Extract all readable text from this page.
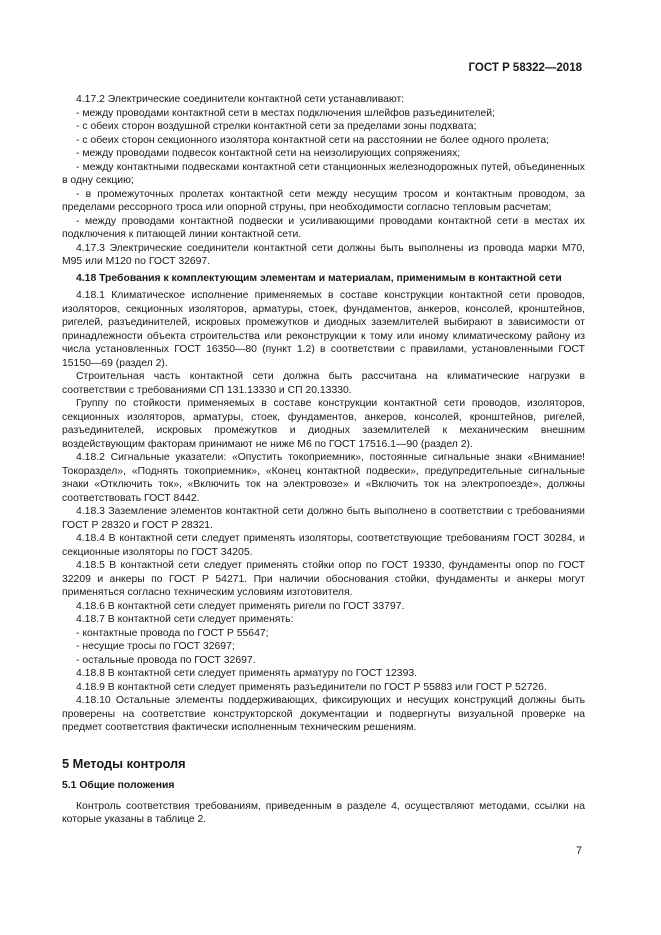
ГОСТ Р 58322—2018

4.17.2 Электрические соединители контактной сети устанавливают:

- между проводами контактной сети в местах подключения шлейфов разъединителей;

- с обеих сторон воздушной стрелки контактной сети за пределами зоны подхвата;

- с обеих сторон секционного изолятора контактной сети на расстоянии не более одного пролета;

- между проводами подвесок контактной сети на неизолирующих сопряжениях;

- между контактными подвесками контактной сети станционных железнодорожных путей, объединенных в одну секцию;

- в промежуточных пролетах контактной сети между несущим тросом и контактным проводом, за пределами рессорного троса или опорной струны, при необходимости согласно тепловым расчетам;

- между проводами контактной подвески и усиливающими проводами контактной сети в местах их подключения к питающей линии контактной сети.

4.17.3 Электрические соединители контактной сети должны быть выполнены из провода марки М70, М95 или М120 по ГОСТ 32697.

4.18 Требования к комплектующим элементам и материалам, применимым в контактной сети

4.18.1 Климатическое исполнение применяемых в составе конструкции контактной сети проводов, изоляторов, секционных изоляторов, арматуры, стоек, фундаментов, анкеров, консолей, кронштейнов, ригелей, разъединителей, искровых промежутков и диодных заземлителей выбирают в зависимости от принадлежности объекта строительства или реконструкции к тому или иному климатическому району из числа установленных ГОСТ 16350—80 (пункт 1.2) в соответствии с правилами, установленными ГОСТ 15150—69 (раздел 2).

Строительная часть контактной сети должна быть рассчитана на климатические нагрузки в соответствии с требованиями СП 131.13330 и СП 20.13330.

Группу по стойкости применяемых в составе конструкции контактной сети проводов, изоляторов, секционных изоляторов, арматуры, стоек, фундаментов, анкеров, консолей, кронштейнов, ригелей, разъединителей, искровых промежутков и диодных заземлителей к механическим внешним воздействующим факторам принимают не ниже М6 по ГОСТ 17516.1—90 (раздел 2).

4.18.2 Сигнальные указатели: «Опустить токоприемник», постоянные сигнальные знаки «Внимание! Токораздел», «Поднять токоприемник», «Конец контактной подвески», предупредительные сигнальные знаки «Отключить ток», «Включить ток на электровозе» и «Включить ток на электропоезде», должны соответствовать ГОСТ 8442.

4.18.3 Заземление элементов контактной сети должно быть выполнено в соответствии с требованиями ГОСТ Р 28320 и ГОСТ Р 28321.

4.18.4 В контактной сети следует применять изоляторы, соответствующие требованиям ГОСТ 30284, и секционные изоляторы по ГОСТ 34205.

4.18.5 В контактной сети следует применять стойки опор по ГОСТ 19330, фундаменты опор по ГОСТ 32209 и анкеры по ГОСТ Р 54271. При наличии обоснования стойки, фундаменты и анкеры могут применяться согласно техническим условиям изготовителя.

4.18.6 В контактной сети следует применять ригели по ГОСТ 33797.

4.18.7 В контактной сети следует применять:

- контактные провода по ГОСТ Р 55647;

- несущие тросы по ГОСТ 32697;

- остальные провода по ГОСТ 32697.

4.18.8 В контактной сети следует применять арматуру по ГОСТ 12393.

4.18.9 В контактной сети следует применять разъединители по ГОСТ Р 55883 или ГОСТ Р 52726.

4.18.10 Остальные элементы поддерживающих, фиксирующих и несущих конструкций должны быть проверены на соответствие конструкторской документации и подвергнуты визуальной проверке на предмет соответствия фактически исполненным техническим решениям.

5 Методы контроля

5.1 Общие положения

Контроль соответствия требованиям, приведенным в разделе 4, осуществляют методами, ссылки на которые указаны в таблице 2.

7
